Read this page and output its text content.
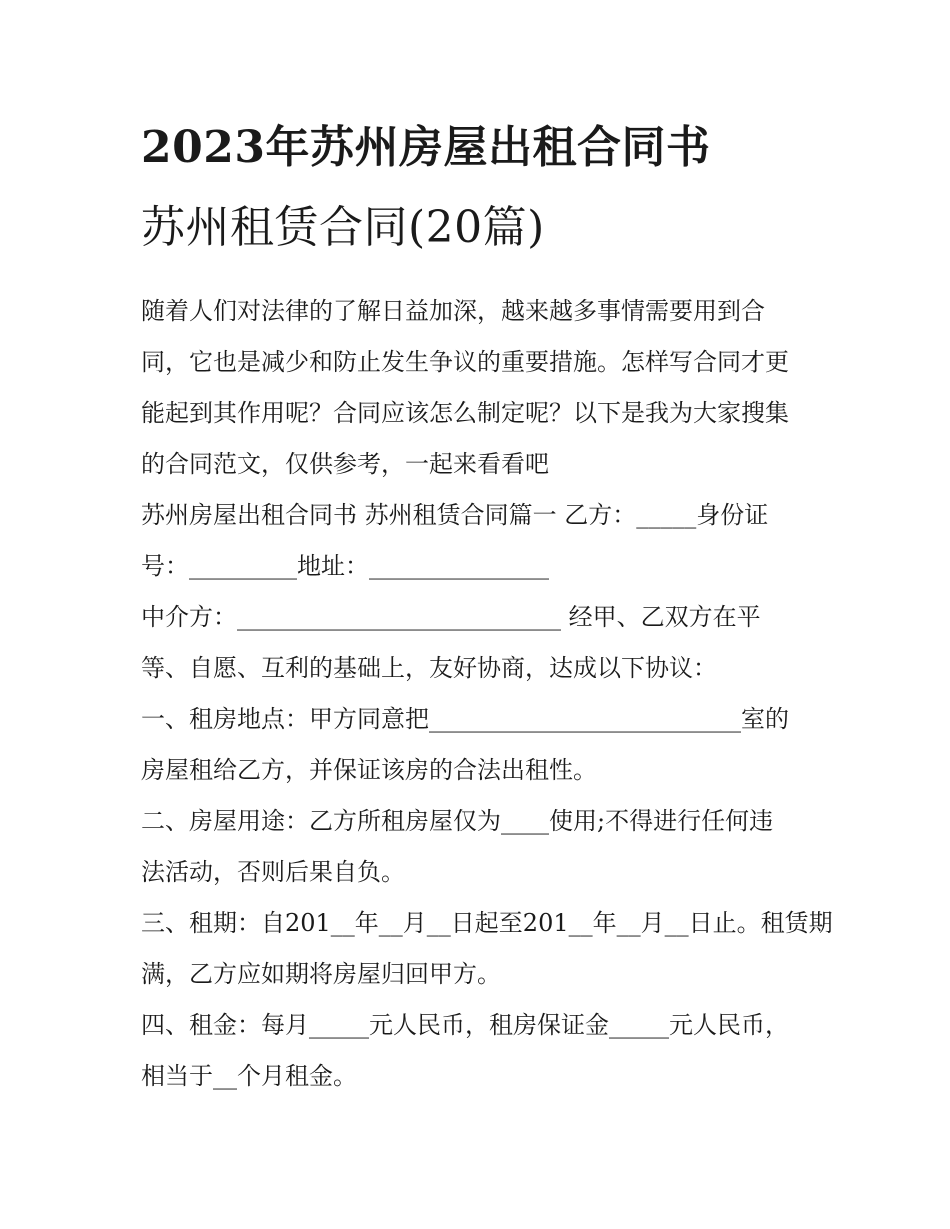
2023年苏州房屋出租合同书
苏州租赁合同(20篇)
随着人们对法律的了解日益加深，越来越多事情需要用到合
同，它也是减少和防止发生争议的重要措施。怎样写合同才更
能起到其作用呢？合同应该怎么制定呢？以下是我为大家搜集
的合同范文，仅供参考，一起来看看吧
苏州房屋出租合同书 苏州租赁合同篇一 乙方：_____身份证
号：_________地址：_______________
中介方：___________________________ 经甲、乙双方在平
等、自愿、互利的基础上，友好协商，达成以下协议：
一、租房地点：甲方同意把__________________________室的
房屋租给乙方，并保证该房的合法出租性。
二、房屋用途：乙方所租房屋仅为____使用;不得进行任何违
法活动，否则后果自负。
三、租期：自201__年__月__日起至201__年__月__日止。租赁期
满，乙方应如期将房屋归回甲方。
四、租金：每月_____元人民币，租房保证金_____元人民币，
相当于__个月租金。
